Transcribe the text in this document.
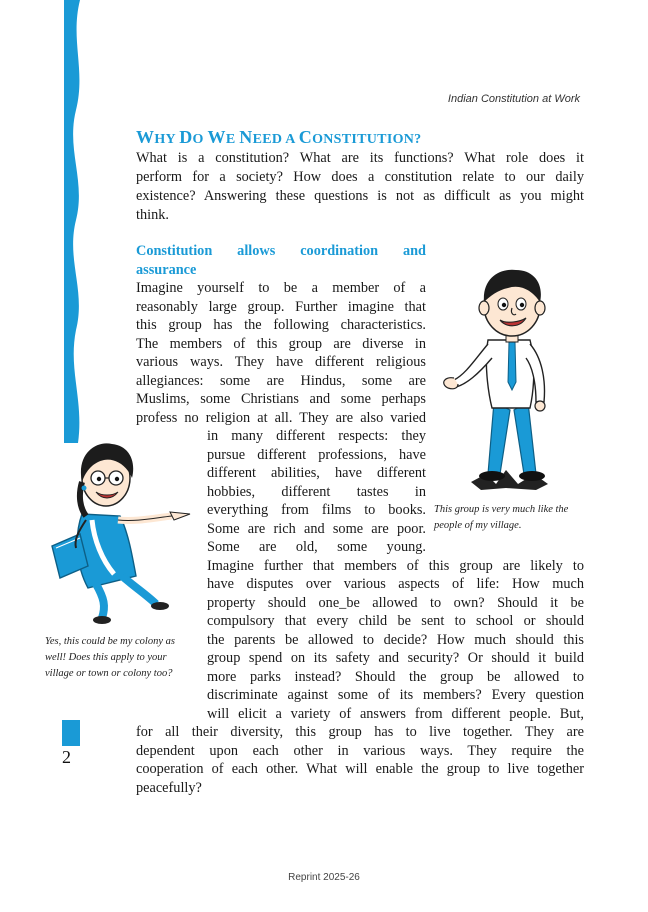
Indian Constitution at Work
WHY DO WE NEED A CONSTITUTION?
What is a constitution? What are its functions? What role does it
perform for a society? How does a constitution relate to our daily
existence? Answering these questions is not as difficult as you might
think.
Constitution allows coordination and
assurance
Imagine yourself to be a member of a
reasonably large group. Further imagine that
this group has the following characteristics.
The members of this group are diverse in
various ways. They have different religious
allegiances: some are Hindus, some are
Muslims, some Christians and some perhaps
profess no religion at all. They are also varied
in many different respects: they
pursue different professions, have
different abilities, have different
hobbies, different tastes in
everything from films to books.
Some are rich and some are poor.
Some are old, some young.
Imagine further that members of this group are likely to
have disputes over various aspects of life: How much
property should one_be allowed to own? Should it be
compulsory that every child be sent to school or should
the parents be allowed to decide? How much should this
group spend on its safety and security? Or should it build
more parks instead? Should the group be allowed to
discriminate against some of its members? Every question
will elicit a variety of answers from different people. But,
for all their diversity, this group has to live together. They are
dependent upon each other in various ways. They require the
cooperation of each other. What will enable the group to live together
peacefully?
This group is very much like the
people of my village.
Yes, this could be my colony as
well! Does this apply to your
village or town or colony too?
2
Reprint 2025-26
